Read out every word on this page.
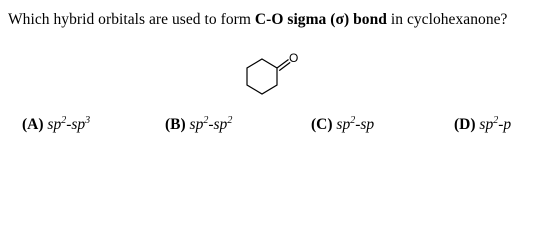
Which hybrid orbitals are used to form C-O sigma (σ) bond in cyclohexanone?
O
(A) $sp^2-sp^3$	(B) $sp^2-sp^2$	(C) $sp^2-sp$	(D) $sp^2-p$
